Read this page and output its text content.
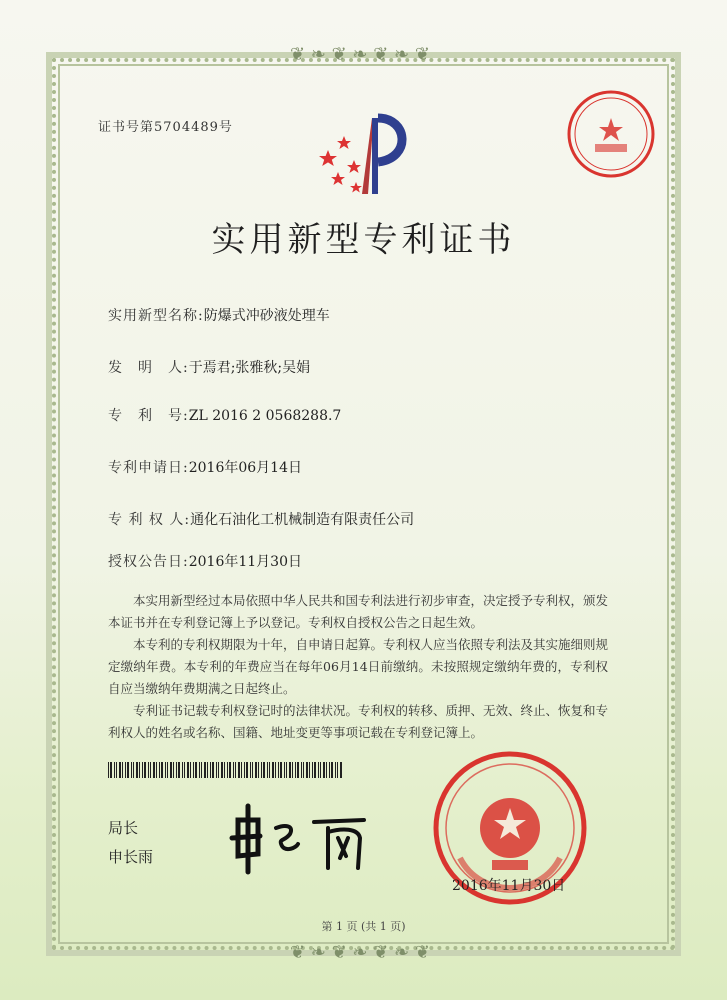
❦ ❧ ❦ ❧ ❦ ❧ ❦
❦ ❧ ❦ ❧ ❦ ❧ ❦
证书号第5704489号
实用新型专利证书
实用新型名称:防爆式冲砂液处理车
发　明　人:于焉君;张雅秋;吴娟
专　利　号:ZL 2016 2 0568288.7
专利申请日:2016年06月14日
专 利 权 人:通化石油化工机械制造有限责任公司
授权公告日:2016年11月30日

本实用新型经过本局依照中华人民共和国专利法进行初步审查，决定授予专利权，颁发本证书并在专利登记簿上予以登记。专利权自授权公告之日起生效。

本专利的专利权期限为十年，自申请日起算。专利权人应当依照专利法及其实施细则规定缴纳年费。本专利的年费应当在每年06月14日前缴纳。未按照规定缴纳年费的，专利权自应当缴纳年费期满之日起终止。

专利证书记载专利权登记时的法律状况。专利权的转移、质押、无效、终止、恢复和专利权人的姓名或名称、国籍、地址变更等事项记载在专利登记簿上。

局长
申长雨
2016年11月30日
第 1 页 (共 1 页)
